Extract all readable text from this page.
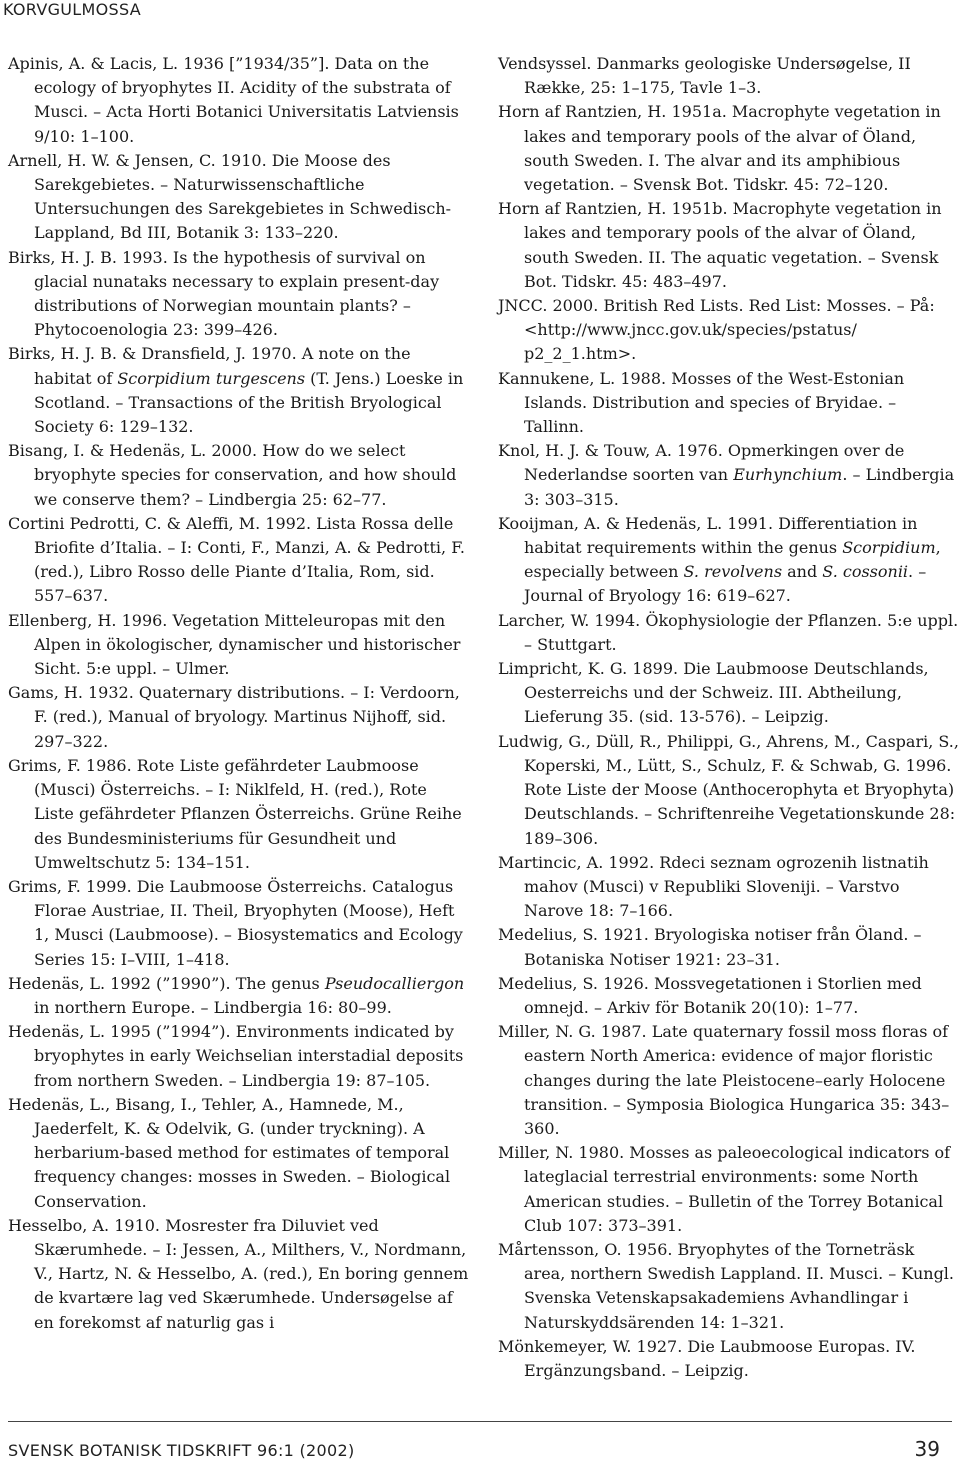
KORVGULMOSSA

Apinis, A. & Lacis, L. 1936 [”1934/35”]. Data on the ecology of bryophytes II. Acidity of the substrata of Musci. – Acta Horti Botanici Universitatis Latviensis 9/10: 1–100.

Arnell, H. W. & Jensen, C. 1910. Die Moose des Sarekgebietes. – Naturwissenschaftliche Untersuchungen des Sarekgebietes in Schwedisch-Lappland, Bd III, Botanik 3: 133–220.

Birks, H. J. B. 1993. Is the hypothesis of survival on glacial nunataks necessary to explain present-day distributions of Norwegian mountain plants? – Phytocoenologia 23: 399–426.

Birks, H. J. B. & Dransfield, J. 1970. A note on the habitat of Scorpidium turgescens (T. Jens.) Loeske in Scotland. – Transactions of the British Bryological Society 6: 129–132.

Bisang, I. & Hedenäs, L. 2000. How do we select bryophyte species for conservation, and how should we conserve them? – Lindbergia 25: 62–77.

Cortini Pedrotti, C. & Aleffi, M. 1992. Lista Rossa delle Briofite d’Italia. – I: Conti, F., Manzi, A. & Pedrotti, F. (red.), Libro Rosso delle Piante d’Italia, Rom, sid. 557–637.

Ellenberg, H. 1996. Vegetation Mitteleuropas mit den Alpen in ökologischer, dynamischer und historischer Sicht. 5:e uppl. – Ulmer.

Gams, H. 1932. Quaternary distributions. – I: Verdoorn, F. (red.), Manual of bryology. Martinus Nijhoff, sid. 297–322.

Grims, F. 1986. Rote Liste gefährdeter Laubmoose (Musci) Österreichs. – I: Niklfeld, H. (red.), Rote Liste gefährdeter Pflanzen Österreichs. Grüne Reihe des Bundesministeriums für Gesundheit und Umweltschutz 5: 134–151.

Grims, F. 1999. Die Laubmoose Österreichs. Catalogus Florae Austriae, II. Theil, Bryophyten (Moose), Heft 1, Musci (Laubmoose). – Biosystematics and Ecology Series 15: I–VIII, 1–418.

Hedenäs, L. 1992 (”1990”). The genus Pseudocalliergon in northern Europe. – Lindbergia 16: 80–99.

Hedenäs, L. 1995 (”1994”). Environments indicated by bryophytes in early Weichselian interstadial deposits from northern Sweden. – Lindbergia 19: 87–105.

Hedenäs, L., Bisang, I., Tehler, A., Hamnede, M., Jaederfelt, K. & Odelvik, G. (under tryckning). A herbarium-based method for estimates of temporal frequency changes: mosses in Sweden. – Biological Conservation.

Hesselbo, A. 1910. Mosrester fra Diluviet ved Skærumhede. – I: Jessen, A., Milthers, V., Nordmann, V., Hartz, N. & Hesselbo, A. (red.), En boring gennem de kvartære lag ved Skærumhede. Undersøgelse af en forekomst af naturlig gas i

Vendsyssel. Danmarks geologiske Undersøgelse, II Række, 25: 1–175, Tavle 1–3.

Horn af Rantzien, H. 1951a. Macrophyte vegetation in lakes and temporary pools of the alvar of Öland, south Sweden. I. The alvar and its amphibious vegetation. – Svensk Bot. Tidskr. 45: 72–120.

Horn af Rantzien, H. 1951b. Macrophyte vegetation in lakes and temporary pools of the alvar of Öland, south Sweden. II. The aquatic vegetation. – Svensk Bot. Tidskr. 45: 483–497.

JNCC. 2000. British Red Lists. Red List: Mosses. – På: <http://www.jncc.gov.uk/species/pstatus/ p2_2_1.htm>.

Kannukene, L. 1988. Mosses of the West-Estonian Islands. Distribution and species of Bryidae. – Tallinn.

Knol, H. J. & Touw, A. 1976. Opmerkingen over de Nederlandse soorten van Eurhynchium. – Lindbergia 3: 303–315.

Kooijman, A. & Hedenäs, L. 1991. Differentiation in habitat requirements within the genus Scorpidium, especially between S. revolvens and S. cossonii. – Journal of Bryology 16: 619–627.

Larcher, W. 1994. Ökophysiologie der Pflanzen. 5:e uppl. – Stuttgart.

Limpricht, K. G. 1899. Die Laubmoose Deutschlands, Oesterreichs und der Schweiz. III. Abtheilung, Lieferung 35. (sid. 13-576). – Leipzig.

Ludwig, G., Düll, R., Philippi, G., Ahrens, M., Caspari, S., Koperski, M., Lütt, S., Schulz, F. & Schwab, G. 1996. Rote Liste der Moose (Anthocerophyta et Bryophyta) Deutschlands. – Schriftenreihe Vegetationskunde 28: 189–306.

Martincic, A. 1992. Rdeci seznam ogrozenih listnatih mahov (Musci) v Republiki Sloveniji. – Varstvo Narove 18: 7–166.

Medelius, S. 1921. Bryologiska notiser från Öland. – Botaniska Notiser 1921: 23–31.

Medelius, S. 1926. Mossvegetationen i Storlien med omnejd. – Arkiv för Botanik 20(10): 1–77.

Miller, N. G. 1987. Late quaternary fossil moss floras of eastern North America: evidence of major floristic changes during the late Pleistocene–early Holocene transition. – Symposia Biologica Hungarica 35: 343–360.

Miller, N. 1980. Mosses as paleoecological indicators of lateglacial terrestrial environments: some North American studies. – Bulletin of the Torrey Botanical Club 107: 373–391.

Mårtensson, O. 1956. Bryophytes of the Torneträsk area, northern Swedish Lappland. II. Musci. – Kungl. Svenska Vetenskapsakademiens Avhandlingar i Naturskyddsärenden 14: 1–321.

Mönkemeyer, W. 1927. Die Laubmoose Europas. IV. Ergänzungsband. – Leipzig.

SVENSK BOTANISK TIDSKRIFT 96:1 (2002)	39
